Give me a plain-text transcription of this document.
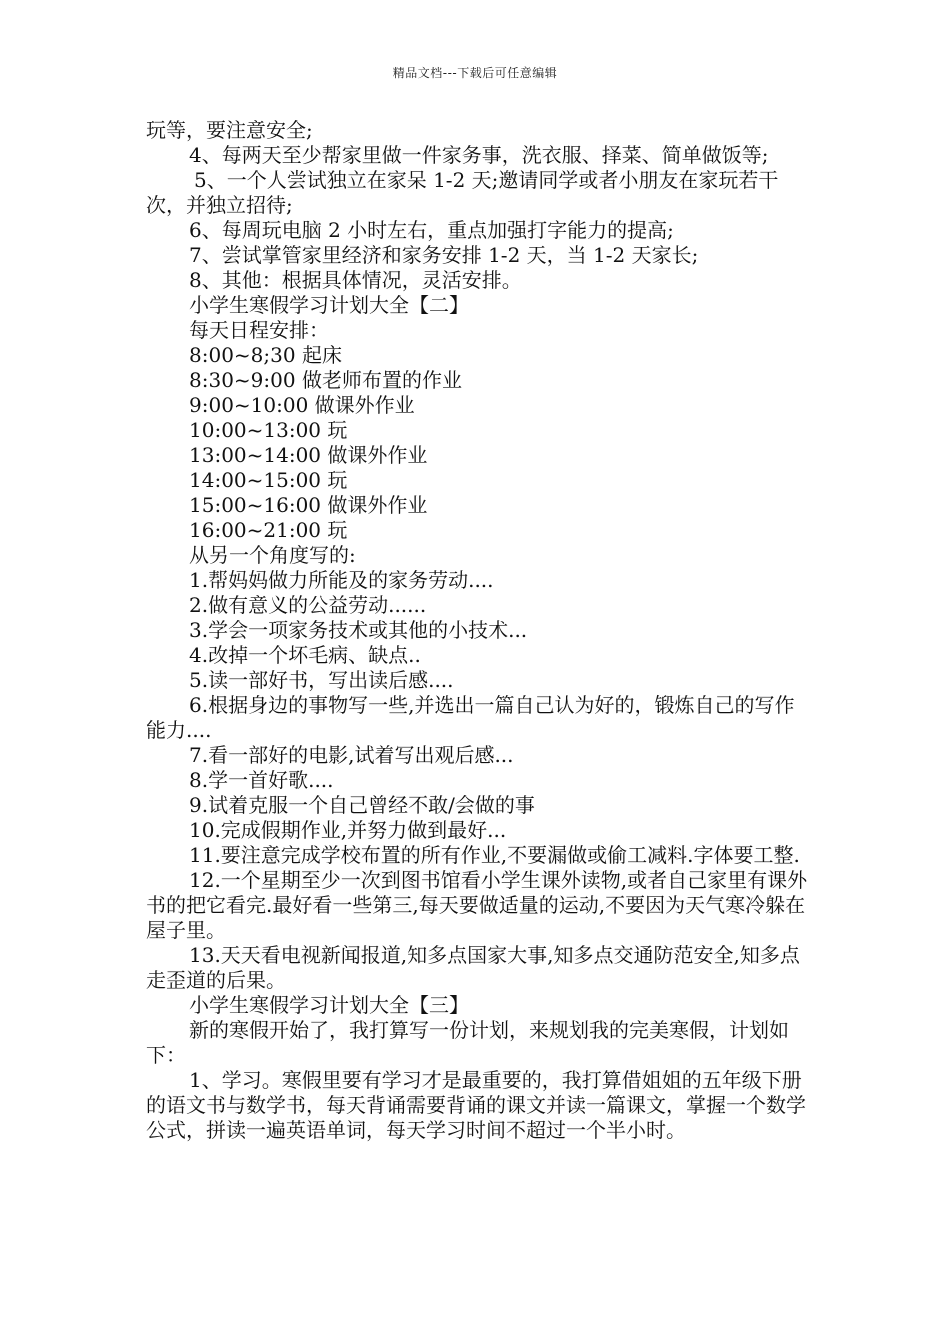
精品文档---下载后可任意编辑

玩等，要注意安全;

4、每两天至少帮家里做一件家务事，洗衣服、择菜、简单做饭等;

5、一个人尝试独立在家呆 1-2 天;邀请同学或者小朋友在家玩若干次，并独立招待;

6、每周玩电脑 2 小时左右，重点加强打字能力的提高;

7、尝试掌管家里经济和家务安排 1-2 天，当 1-2 天家长;

8、其他：根据具体情况，灵活安排。

小学生寒假学习计划大全【二】

每天日程安排：

8:00~8;30 起床

8:30~9:00 做老师布置的作业

9:00~10:00 做课外作业

10:00~13:00 玩

13:00~14:00 做课外作业

14:00~15:00 玩

15:00~16:00 做课外作业

16:00~21:00 玩

从另一个角度写的:

1.帮妈妈做力所能及的家务劳动....

2.做有意义的公益劳动......

3.学会一项家务技术或其他的小技术...

4.改掉一个坏毛病、缺点..

5.读一部好书，写出读后感....

6.根据身边的事物写一些,并选出一篇自己认为好的，锻炼自己的写作能力....

7.看一部好的电影,试着写出观后感...

8.学一首好歌....

9.试着克服一个自己曾经不敢/会做的事

10.完成假期作业,并努力做到最好...

11.要注意完成学校布置的所有作业,不要漏做或偷工减料.字体要工整.

12.一个星期至少一次到图书馆看小学生课外读物,或者自己家里有课外书的把它看完.最好看一些第三,每天要做适量的运动,不要因为天气寒冷躲在屋子里。

13.天天看电视新闻报道,知多点国家大事,知多点交通防范安全,知多点走歪道的后果。

小学生寒假学习计划大全【三】

新的寒假开始了，我打算写一份计划，来规划我的完美寒假，计划如下：

1、学习。寒假里要有学习才是最重要的，我打算借姐姐的五年级下册的语文书与数学书，每天背诵需要背诵的课文并读一篇课文，掌握一个数学公式，拼读一遍英语单词，每天学习时间不超过一个半小时。
